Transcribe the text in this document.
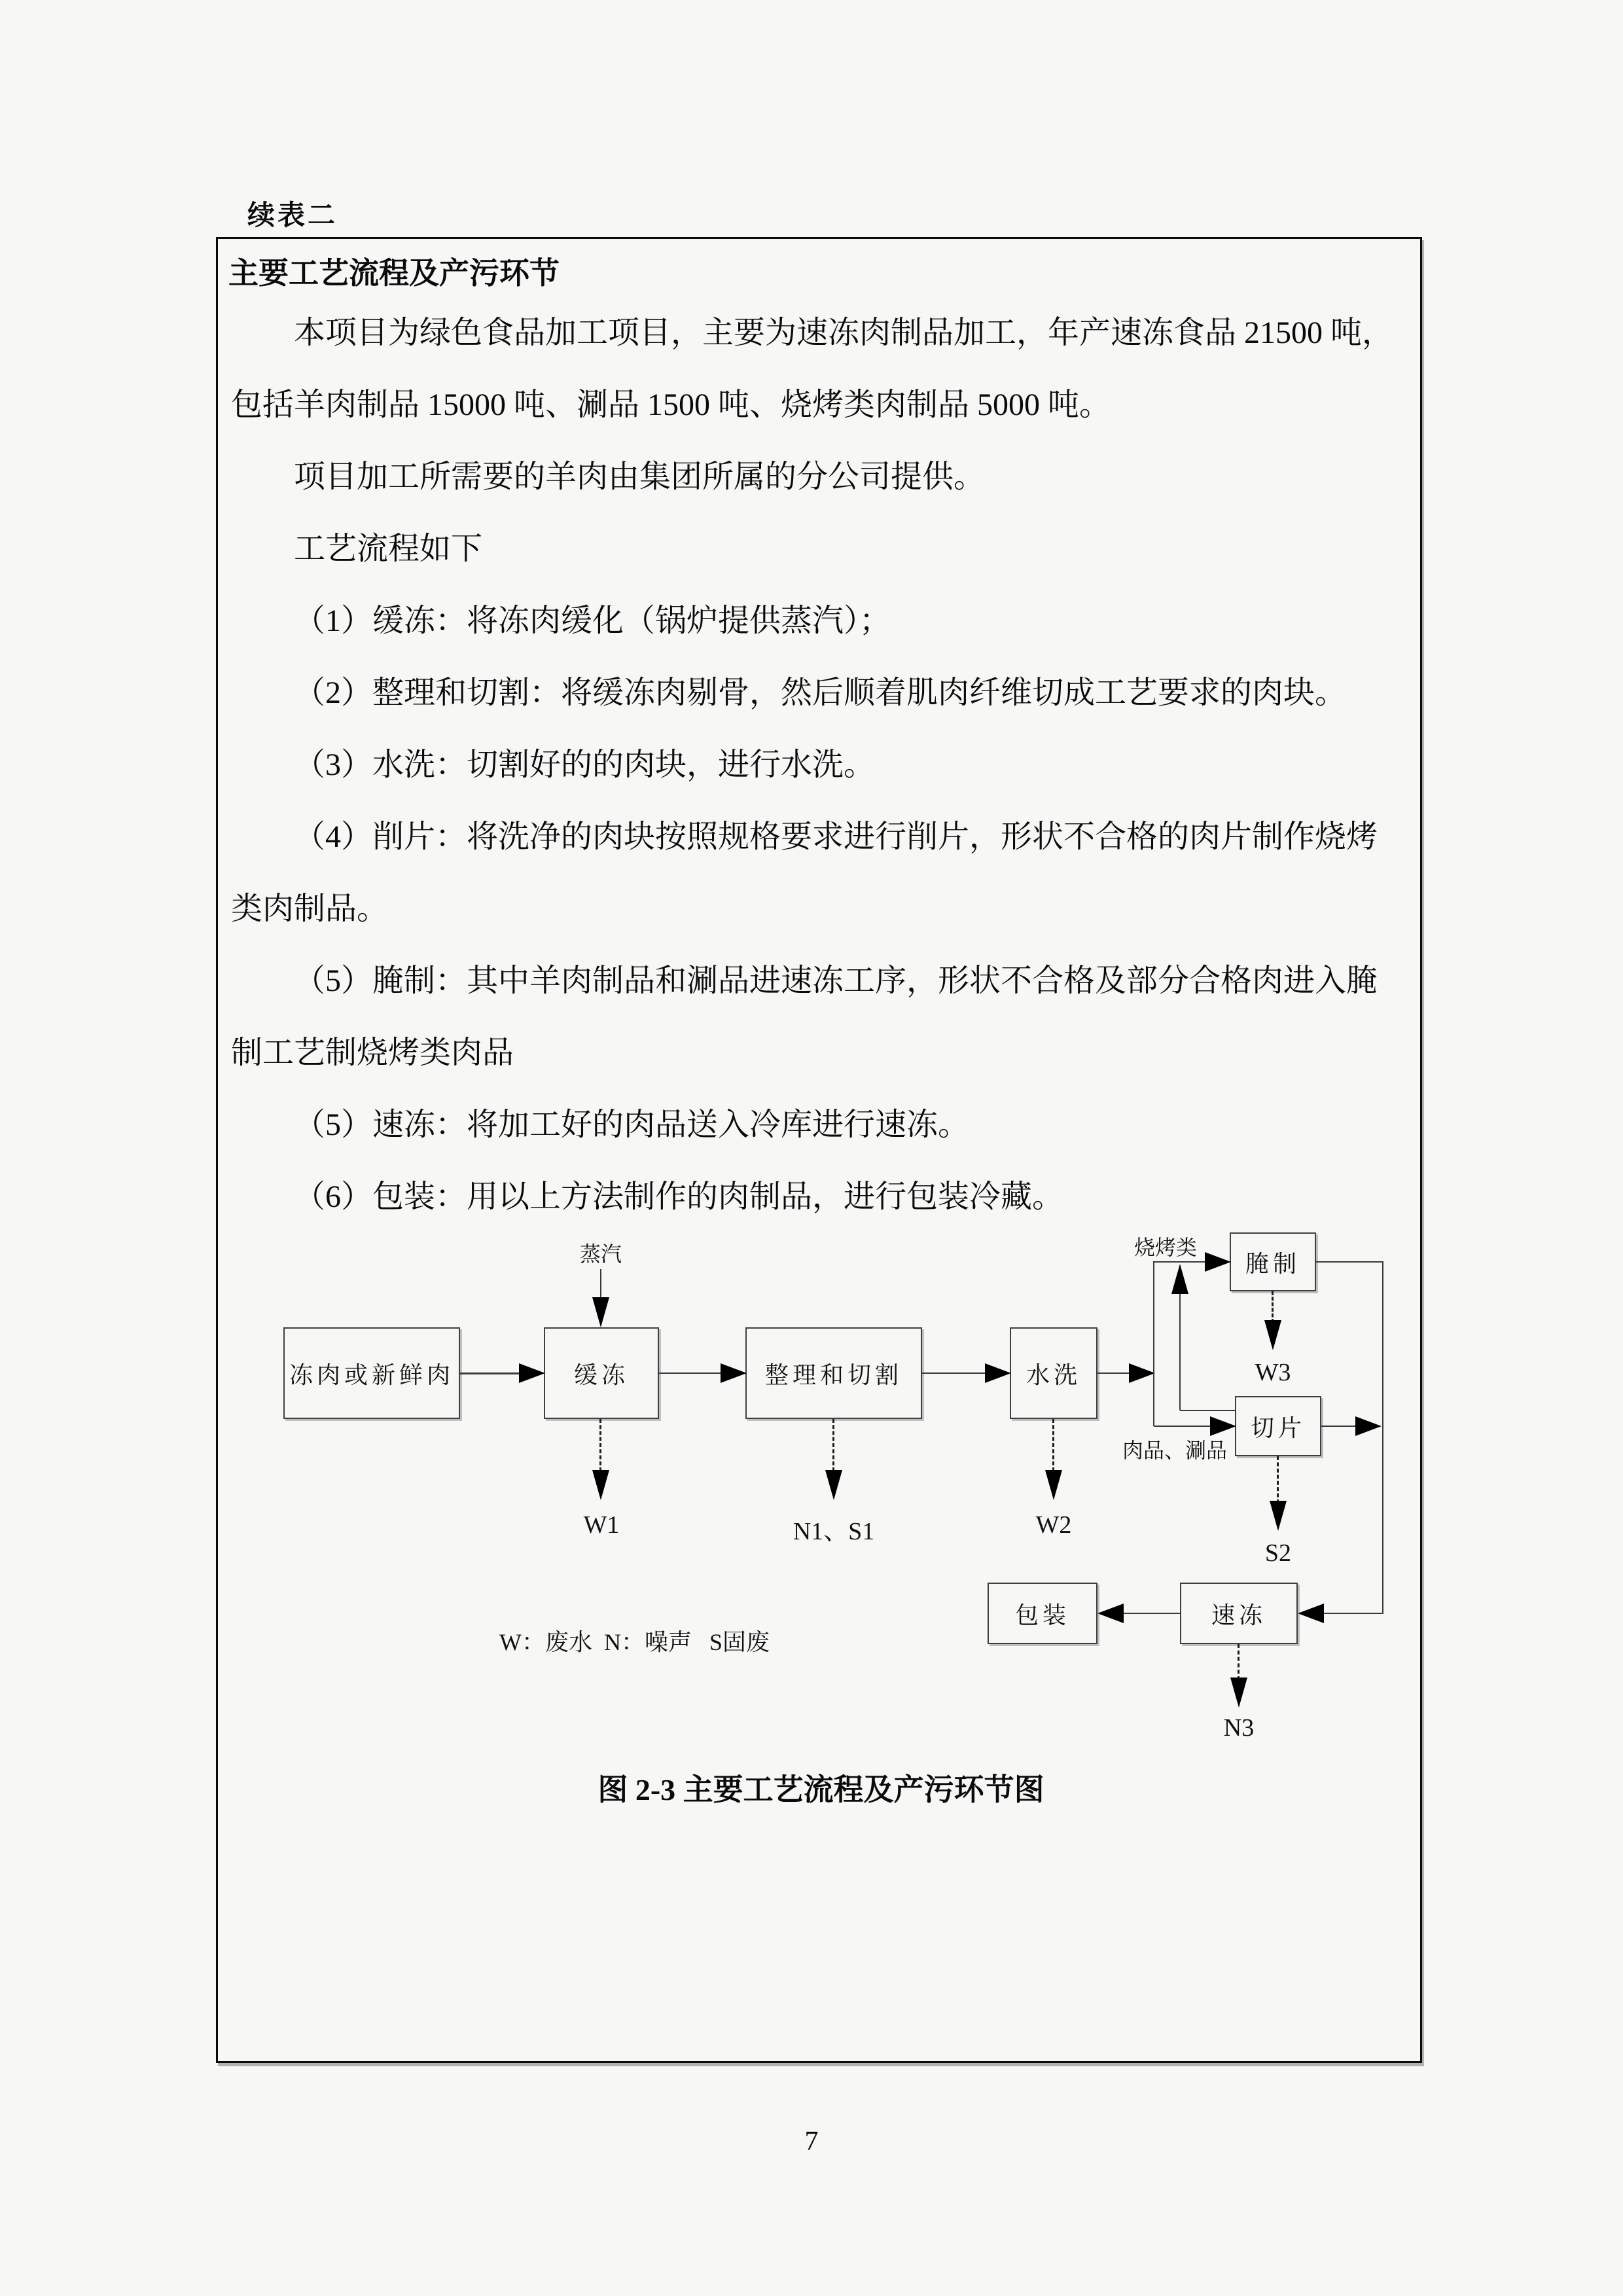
续表二
主要工艺流程及产污环节
本项目为绿色食品加工项目，主要为速冻肉制品加工，年产速冻食品 21500 吨，
包括羊肉制品 15000 吨、涮品 1500 吨、烧烤类肉制品 5000 吨。
项目加工所需要的羊肉由集团所属的分公司提供。
工艺流程如下
（1）缓冻：将冻肉缓化（锅炉提供蒸汽）；
（2）整理和切割：将缓冻肉剔骨，然后顺着肌肉纤维切成工艺要求的肉块。
（3）水洗：切割好的的肉块，进行水洗。
（4）削片：将洗净的肉块按照规格要求进行削片，形状不合格的肉片制作烧烤
类肉制品。
（5）腌制：其中羊肉制品和涮品进速冻工序，形状不合格及部分合格肉进入腌
制工艺制烧烤类肉品
（5）速冻：将加工好的肉品送入冷库进行速冻。
（6）包装：用以上方法制作的肉制品，进行包装冷藏。
蒸汽
冻肉或新鲜肉	缓冻	整理和切割	水洗
腌制
切片
速冻
包装
烧烤类
肉品、涮品
W1	N1、S1	W2
W3
S2
N3
W：废水  N：噪声   S固废
图 2-3 主要工艺流程及产污环节图
7
